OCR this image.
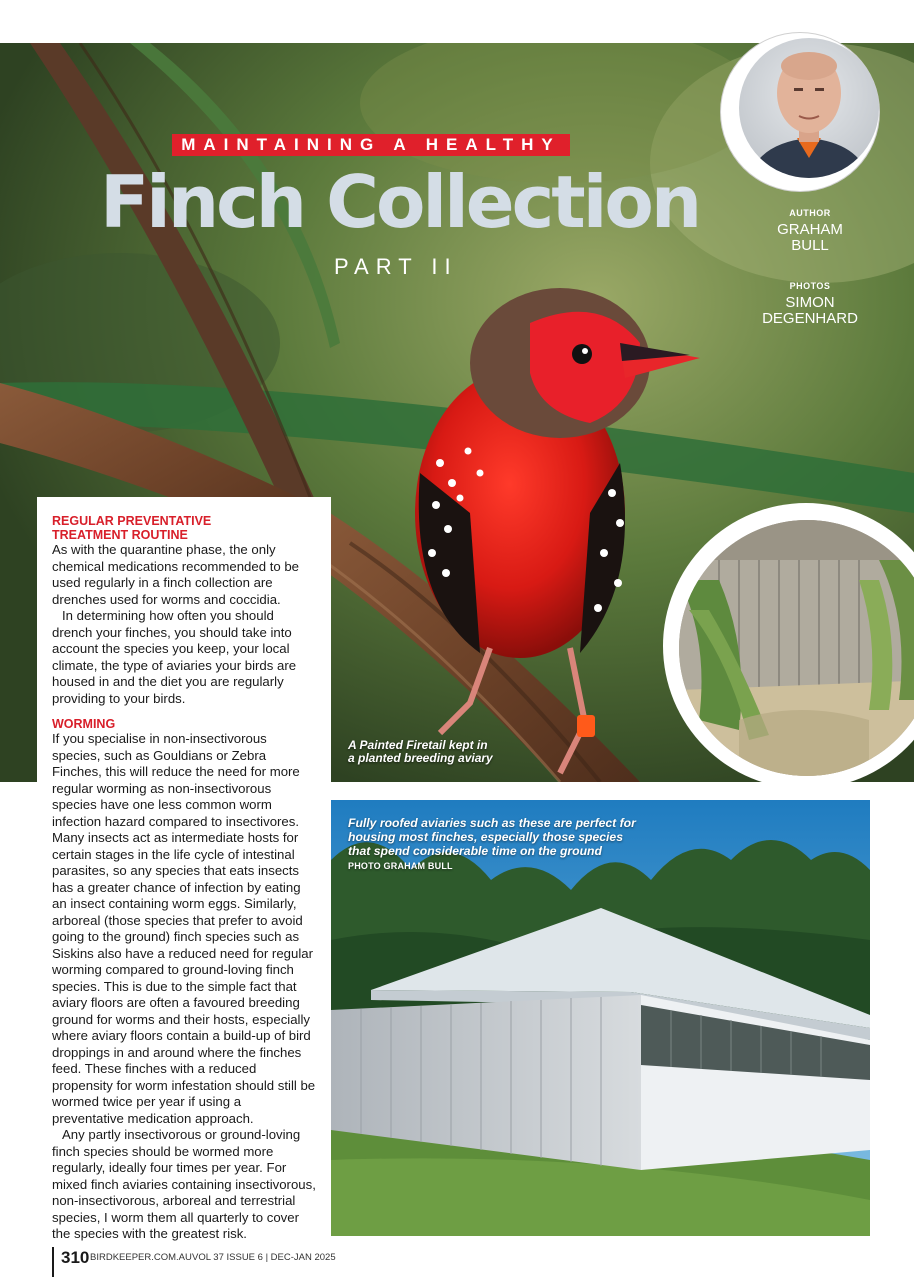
MAINTAINING A HEALTHY
Finch Collection
PART II
AUTHOR
GRAHAM
BULL
PHOTOS
SIMON
DEGENHARD
A Painted Firetail kept in
a planted breeding aviary
REGULAR PREVENTATIVE
TREATMENT ROUTINE

As with the quarantine phase, the only chemical medications recommended to be used regularly in a finch collection are drenches used for worms and coccidia.

In determining how often you should drench your finches, you should take into account the species you keep, your local climate, the type of aviaries your birds are housed in and the diet you are regularly providing to your birds.

WORMING

If you specialise in non-insectivorous species, such as Gouldians or Zebra Finches, this will reduce the need for more regular worming as non-insectivorous species have one less common worm infection hazard compared to insectivores. Many insects act as intermediate hosts for certain stages in the life cycle of intestinal parasites, so any species that eats insects has a greater chance of infection by eating an insect containing worm eggs. Similarly, arboreal (those species that prefer to avoid going to the ground) finch species such as Siskins also have a reduced need for regular worming compared to ground-loving finch species. This is due to the simple fact that aviary floors are often a favoured breeding ground for worms and their hosts, especially where aviary floors contain a build-up of bird droppings in and around where the finches feed. These finches with a reduced propensity for worm infestation should still be wormed twice per year if using a preventative medication approach.

Any partly insectivorous or ground-loving finch species should be wormed more regularly, ideally four times per year. For mixed finch aviaries containing insectivorous, non-insectivorous, arboreal and terrestrial species, I worm them all quarterly to cover the species with the greatest risk.

Fully roofed aviaries such as these are perfect for
housing most finches, especially those species
that spend considerable time on the ground
PHOTO GRAHAM BULL
310 BIRDKEEPER.COM.AU VOL 37 ISSUE 6 | DEC-JAN 2025
